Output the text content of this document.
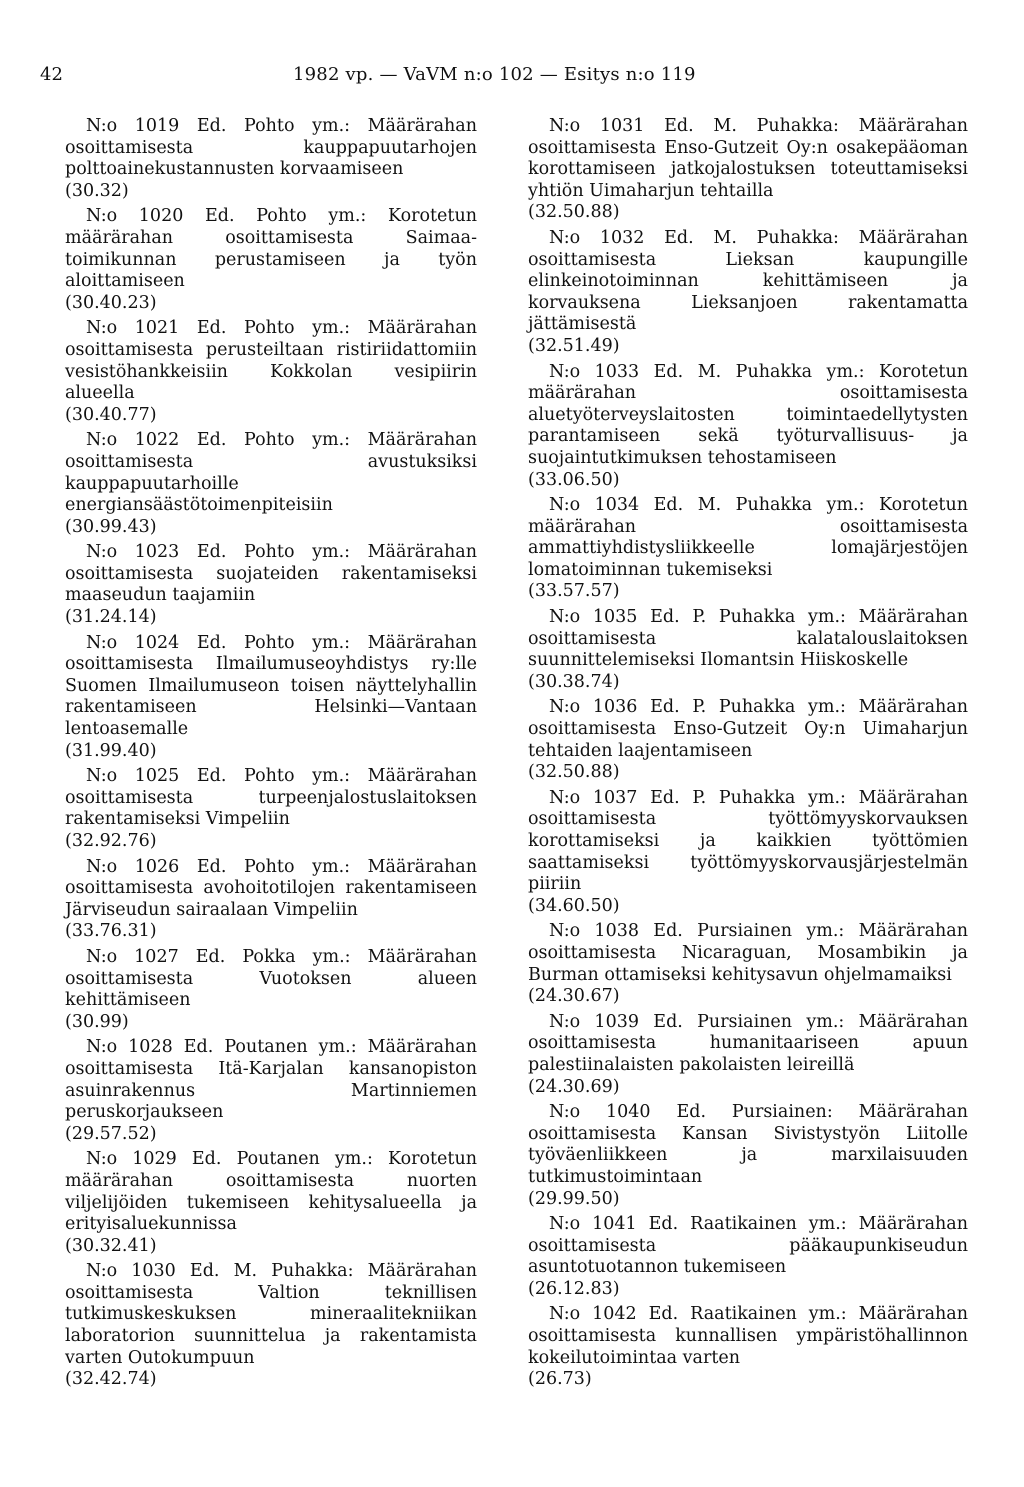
42	1982 vp. — VaVM n:o 102 — Esitys n:o 119

N:o 1019 Ed. Pohto ym.: Määrärahan osoittamisesta kauppapuutarhojen polttoainekustannusten korvaamiseen

(30.32)

N:o 1020 Ed. Pohto ym.: Korotetun määrärahan osoittamisesta Saimaa-toimikunnan perustamiseen ja työn aloittamiseen

(30.40.23)

N:o 1021 Ed. Pohto ym.: Määrärahan osoittamisesta perusteiltaan ristiriidattomiin vesistöhankkeisiin Kokkolan vesipiirin alueella

(30.40.77)

N:o 1022 Ed. Pohto ym.: Määrärahan osoittamisesta avustuksiksi kauppapuutarhoille energiansäästötoimenpiteisiin

(30.99.43)

N:o 1023 Ed. Pohto ym.: Määrärahan osoittamisesta suojateiden rakentamiseksi maaseudun taajamiin

(31.24.14)

N:o 1024 Ed. Pohto ym.: Määrärahan osoittamisesta Ilmailumuseoyhdistys ry:lle Suomen Ilmailumuseon toisen näyttelyhallin rakentamiseen Helsinki—Vantaan lentoasemalle

(31.99.40)

N:o 1025 Ed. Pohto ym.: Määrärahan osoittamisesta turpeenjalostuslaitoksen rakentamiseksi Vimpeliin

(32.92.76)

N:o 1026 Ed. Pohto ym.: Määrärahan osoittamisesta avohoitotilojen rakentamiseen Järviseudun sairaalaan Vimpeliin

(33.76.31)

N:o 1027 Ed. Pokka ym.: Määrärahan osoittamisesta Vuotoksen alueen kehittämiseen

(30.99)

N:o 1028 Ed. Poutanen ym.: Määrärahan osoittamisesta Itä-Karjalan kansanopiston asuinrakennus Martinniemen peruskorjaukseen

(29.57.52)

N:o 1029 Ed. Poutanen ym.: Korotetun määrärahan osoittamisesta nuorten viljelijöiden tukemiseen kehitysalueella ja erityisaluekunnissa

(30.32.41)

N:o 1030 Ed. M. Puhakka: Määrärahan osoittamisesta Valtion teknillisen tutkimuskeskuksen mineraalitekniikan laboratorion suunnittelua ja rakentamista varten Outokumpuun

(32.42.74)

N:o 1031 Ed. M. Puhakka: Määrärahan osoittamisesta Enso-Gutzeit Oy:n osakepääoman korottamiseen jatkojalostuksen toteuttamiseksi yhtiön Uimaharjun tehtailla

(32.50.88)

N:o 1032 Ed. M. Puhakka: Määrärahan osoittamisesta Lieksan kaupungille elinkeinotoiminnan kehittämiseen ja korvauksena Lieksanjoen rakentamatta jättämisestä

(32.51.49)

N:o 1033 Ed. M. Puhakka ym.: Korotetun määrärahan osoittamisesta aluetyöterveyslaitosten toimintaedellytysten parantamiseen sekä työturvallisuus- ja suojaintutkimuksen tehostamiseen

(33.06.50)

N:o 1034 Ed. M. Puhakka ym.: Korotetun määrärahan osoittamisesta ammattiyhdistysliikkeelle lomajärjestöjen lomatoiminnan tukemiseksi

(33.57.57)

N:o 1035 Ed. P. Puhakka ym.: Määrärahan osoittamisesta kalatalouslaitoksen suunnittelemiseksi Ilomantsin Hiiskoskelle

(30.38.74)

N:o 1036 Ed. P. Puhakka ym.: Määrärahan osoittamisesta Enso-Gutzeit Oy:n Uimaharjun tehtaiden laajentamiseen

(32.50.88)

N:o 1037 Ed. P. Puhakka ym.: Määrärahan osoittamisesta työttömyyskorvauksen korottamiseksi ja kaikkien työttömien saattamiseksi työttömyyskorvausjärjestelmän piiriin

(34.60.50)

N:o 1038 Ed. Pursiainen ym.: Määrärahan osoittamisesta Nicaraguan, Mosambikin ja Burman ottamiseksi kehitysavun ohjelmamaiksi

(24.30.67)

N:o 1039 Ed. Pursiainen ym.: Määrärahan osoittamisesta humanitaariseen apuun palestiinalaisten pakolaisten leireillä

(24.30.69)

N:o 1040 Ed. Pursiainen: Määrärahan osoittamisesta Kansan Sivistystyön Liitolle työväenliikkeen ja marxilaisuuden tutkimustoimintaan

(29.99.50)

N:o 1041 Ed. Raatikainen ym.: Määrärahan osoittamisesta pääkaupunkiseudun asuntotuotannon tukemiseen

(26.12.83)

N:o 1042 Ed. Raatikainen ym.: Määrärahan osoittamisesta kunnallisen ympäristöhallinnon kokeilutoimintaa varten

(26.73)
